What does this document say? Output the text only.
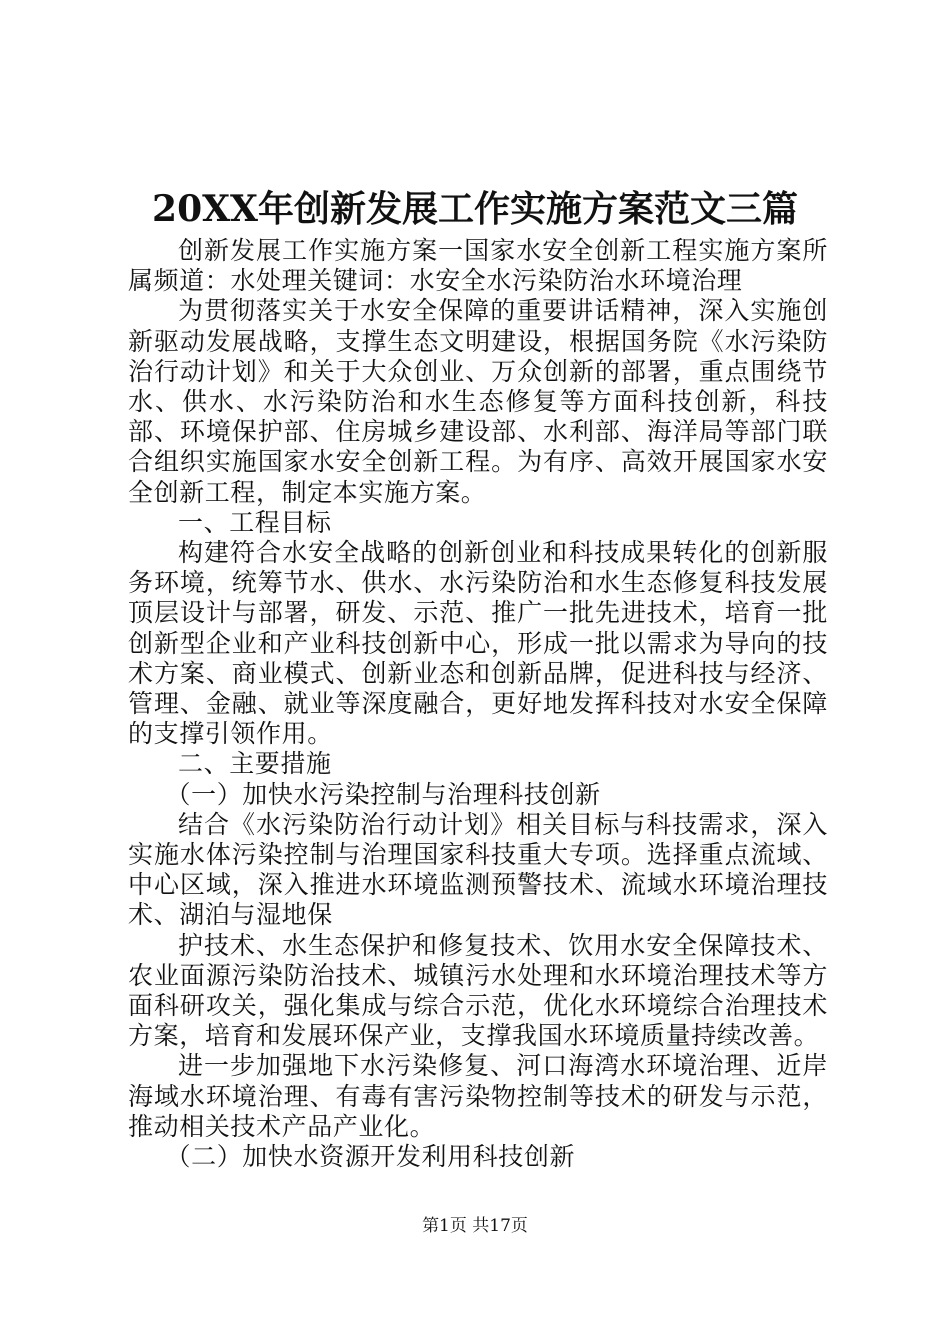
20XX年创新发展工作实施方案范文三篇

创新发展工作实施方案一国家水安全创新工程实施方案所属频道：水处理关键词：水安全水污染防治水环境治理

为贯彻落实关于水安全保障的重要讲话精神，深入实施创新驱动发展战略，支撑生态文明建设，根据国务院《水污染防治行动计划》和关于大众创业、万众创新的部署，重点围绕节水、供水、水污染防治和水生态修复等方面科技创新，科技部、环境保护部、住房城乡建设部、水利部、海洋局等部门联合组织实施国家水安全创新工程。为有序、高效开展国家水安全创新工程，制定本实施方案。

一、工程目标

构建符合水安全战略的创新创业和科技成果转化的创新服务环境，统筹节水、供水、水污染防治和水生态修复科技发展顶层设计与部署，研发、示范、推广一批先进技术，培育一批创新型企业和产业科技创新中心，形成一批以需求为导向的技术方案、商业模式、创新业态和创新品牌，促进科技与经济、管理、金融、就业等深度融合，更好地发挥科技对水安全保障的支撑引领作用。

二、主要措施

（一）加快水污染控制与治理科技创新

结合《水污染防治行动计划》相关目标与科技需求，深入实施水体污染控制与治理国家科技重大专项。选择重点流域、中心区域，深入推进水环境监测预警技术、流域水环境治理技术、湖泊与湿地保

护技术、水生态保护和修复技术、饮用水安全保障技术、农业面源污染防治技术、城镇污水处理和水环境治理技术等方面科研攻关，强化集成与综合示范，优化水环境综合治理技术方案，培育和发展环保产业，支撑我国水环境质量持续改善。

进一步加强地下水污染修复、河口海湾水环境治理、近岸海域水环境治理、有毒有害污染物控制等技术的研发与示范，推动相关技术产品产业化。

（二）加快水资源开发利用科技创新

第1页 共17页
